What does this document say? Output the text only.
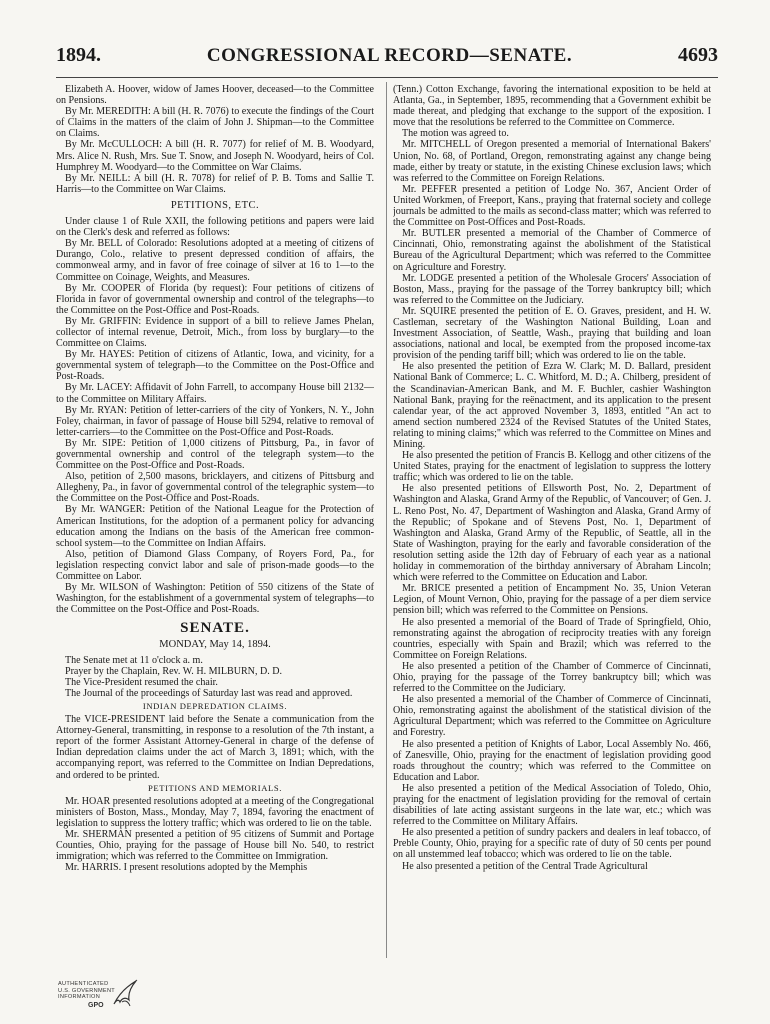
1894.	CONGRESSIONAL RECORD—SENATE.	4693

Elizabeth A. Hoover, widow of James Hoover, deceased—to the Committee on Pensions.

By Mr. MEREDITH: A bill (H. R. 7076) to execute the findings of the Court of Claims in the matters of the claim of John J. Shipman—to the Committee on Claims.

By Mr. McCULLOCH: A bill (H. R. 7077) for relief of M. B. Woodyard, Mrs. Alice N. Rush, Mrs. Sue T. Snow, and Joseph N. Woodyard, heirs of Col. Humphrey M. Woodyard—to the Committee on War Claims.

By Mr. NEILL: A bill (H. R. 7078) for relief of P. B. Toms and Sallie T. Harris—to the Committee on War Claims.

PETITIONS, ETC.

Under clause 1 of Rule XXII, the following petitions and papers were laid on the Clerk's desk and referred as follows:

By Mr. BELL of Colorado: Resolutions adopted at a meeting of citizens of Durango, Colo., relative to present depressed condition of affairs, the commonweal army, and in favor of free coinage of silver at 16 to 1—to the Committee on Coinage, Weights, and Measures.

By Mr. COOPER of Florida (by request): Four petitions of citizens of Florida in favor of governmental ownership and control of the telegraphs—to the Committee on the Post-Office and Post-Roads.

By Mr. GRIFFIN: Evidence in support of a bill to relieve James Phelan, collector of internal revenue, Detroit, Mich., from loss by burglary—to the Committee on Claims.

By Mr. HAYES: Petition of citizens of Atlantic, Iowa, and vicinity, for a governmental system of telegraph—to the Committee on the Post-Office and Post-Roads.

By Mr. LACEY: Affidavit of John Farrell, to accompany House bill 2132—to the Committee on Military Affairs.

By Mr. RYAN: Petition of letter-carriers of the city of Yonkers, N. Y., John Foley, chairman, in favor of passage of House bill 5294, relative to removal of letter-carriers—to the Committee on the Post-Office and Post-Roads.

By Mr. SIPE: Petition of 1,000 citizens of Pittsburg, Pa., in favor of governmental ownership and control of the telegraph system—to the Committee on the Post-Office and Post-Roads.

Also, petition of 2,500 masons, bricklayers, and citizens of Pittsburg and Allegheny, Pa., in favor of governmental control of the telegraphic system—to the Committee on the Post-Office and Post-Roads.

By Mr. WANGER: Petition of the National League for the Protection of American Institutions, for the adoption of a permanent policy for advancing education among the Indians on the basis of the American free common-school system—to the Committee on Indian Affairs.

Also, petition of Diamond Glass Company, of Royers Ford, Pa., for legislation respecting convict labor and sale of prison-made goods—to the Committee on Labor.

By Mr. WILSON of Washington: Petition of 550 citizens of the State of Washington, for the establishment of a governmental system of telegraphs—to the Committee on the Post-Office and Post-Roads.

SENATE.
MONDAY, May 14, 1894.

The Senate met at 11 o'clock a. m.

Prayer by the Chaplain, Rev. W. H. MILBURN, D. D.

The Vice-President resumed the chair.

The Journal of the proceedings of Saturday last was read and approved.

INDIAN DEPREDATION CLAIMS.

The VICE-PRESIDENT laid before the Senate a communication from the Attorney-General, transmitting, in response to a resolution of the 7th instant, a report of the former Assistant Attorney-General in charge of the defense of Indian depredation claims under the act of March 3, 1891; which, with the accompanying report, was referred to the Committee on Indian Depredations, and ordered to be printed.

PETITIONS AND MEMORIALS.

Mr. HOAR presented resolutions adopted at a meeting of the Congregational ministers of Boston, Mass., Monday, May 7, 1894, favoring the enactment of legislation to suppress the lottery traffic; which was ordered to lie on the table.

Mr. SHERMAN presented a petition of 95 citizens of Summit and Portage Counties, Ohio, praying for the passage of House bill No. 540, to restrict immigration; which was referred to the Committee on Immigration.

Mr. HARRIS. I present resolutions adopted by the Memphis

(Tenn.) Cotton Exchange, favoring the international exposition to be held at Atlanta, Ga., in September, 1895, recommending that a Government exhibit be made thereat, and pledging that exchange to the support of the exposition. I move that the resolutions be referred to the Committee on Commerce.

The motion was agreed to.

Mr. MITCHELL of Oregon presented a memorial of International Bakers' Union, No. 68, of Portland, Oregon, remonstrating against any change being made, either by treaty or statute, in the existing Chinese exclusion laws; which was referred to the Committee on Foreign Relations.

Mr. PEFFER presented a petition of Lodge No. 367, Ancient Order of United Workmen, of Freeport, Kans., praying that fraternal society and college journals be admitted to the mails as second-class matter; which was referred to the Committee on Post-Offices and Post-Roads.

Mr. BUTLER presented a memorial of the Chamber of Commerce of Cincinnati, Ohio, remonstrating against the abolishment of the Statistical Bureau of the Agricultural Department; which was referred to the Committee on Agriculture and Forestry.

Mr. LODGE presented a petition of the Wholesale Grocers' Association of Boston, Mass., praying for the passage of the Torrey bankruptcy bill; which was referred to the Committee on the Judiciary.

Mr. SQUIRE presented the petition of E. O. Graves, president, and H. W. Castleman, secretary of the Washington National Building, Loan and Investment Association, of Seattle, Wash., praying that building and loan associations, national and local, be exempted from the proposed income-tax provision of the pending tariff bill; which was ordered to lie on the table.

He also presented the petition of Ezra W. Clark; M. D. Ballard, president National Bank of Commerce; L. C. Whitford, M. D.; A. Chilberg, president of the Scandinavian-American Bank, and M. F. Buchler, cashier Washington National Bank, praying for the reënactment, and its application to the present calendar year, of the act approved November 3, 1893, entitled "An act to amend section numbered 2324 of the Revised Statutes of the United States, relating to mining claims;" which was referred to the Committee on Mines and Mining.

He also presented the petition of Francis B. Kellogg and other citizens of the United States, praying for the enactment of legislation to suppress the lottery traffic; which was ordered to lie on the table.

He also presented petitions of Ellsworth Post, No. 2, Department of Washington and Alaska, Grand Army of the Republic, of Vancouver; of Gen. J. L. Reno Post, No. 47, Department of Washington and Alaska, Grand Army of the Republic; of Spokane and of Stevens Post, No. 1, Department of Washington and Alaska, Grand Army of the Republic, of Seattle, all in the State of Washington, praying for the early and favorable consideration of the resolution setting aside the 12th day of February of each year as a national holiday in commemoration of the birthday anniversary of Abraham Lincoln; which were referred to the Committee on Education and Labor.

Mr. BRICE presented a petition of Encampment No. 35, Union Veteran Legion, of Mount Vernon, Ohio, praying for the passage of a per diem service pension bill; which was referred to the Committee on Pensions.

He also presented a memorial of the Board of Trade of Springfield, Ohio, remonstrating against the abrogation of reciprocity treaties with any foreign countries, especially with Spain and Brazil; which was referred to the Committee on Foreign Relations.

He also presented a petition of the Chamber of Commerce of Cincinnati, Ohio, praying for the passage of the Torrey bankruptcy bill; which was referred to the Committee on the Judiciary.

He also presented a memorial of the Chamber of Commerce of Cincinnati, Ohio, remonstrating against the abolishment of the statistical division of the Agricultural Department; which was referred to the Committee on Agriculture and Forestry.

He also presented a petition of Knights of Labor, Local Assembly No. 466, of Zanesville, Ohio, praying for the enactment of legislation providing good roads throughout the country; which was referred to the Committee on Education and Labor.

He also presented a petition of the Medical Association of Toledo, Ohio, praying for the enactment of legislation providing for the removal of certain disabilities of late acting assistant surgeons in the late war, etc.; which was referred to the Committee on Military Affairs.

He also presented a petition of sundry packers and dealers in leaf tobacco, of Preble County, Ohio, praying for a specific rate of duty of 50 cents per pound on all unstemmed leaf tobacco; which was ordered to lie on the table.

He also presented a petition of the Central Trade Agricultural

AUTHENTICATED
U.S. GOVERNMENT
INFORMATION
GPO
